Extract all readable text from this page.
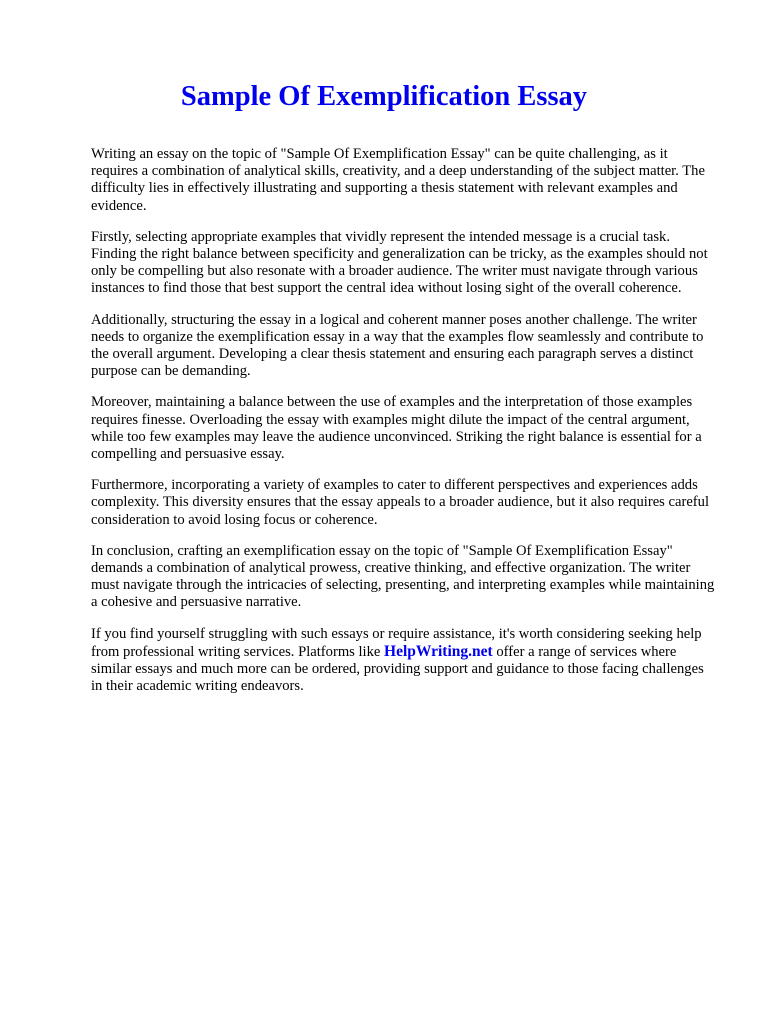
Sample Of Exemplification Essay

Writing an essay on the topic of "Sample Of Exemplification Essay" can be quite challenging, as it requires a combination of analytical skills, creativity, and a deep understanding of the subject matter. The difficulty lies in effectively illustrating and supporting a thesis statement with relevant examples and evidence.

Firstly, selecting appropriate examples that vividly represent the intended message is a crucial task. Finding the right balance between specificity and generalization can be tricky, as the examples should not only be compelling but also resonate with a broader audience. The writer must navigate through various instances to find those that best support the central idea without losing sight of the overall coherence.

Additionally, structuring the essay in a logical and coherent manner poses another challenge. The writer needs to organize the exemplification essay in a way that the examples flow seamlessly and contribute to the overall argument. Developing a clear thesis statement and ensuring each paragraph serves a distinct purpose can be demanding.

Moreover, maintaining a balance between the use of examples and the interpretation of those examples requires finesse. Overloading the essay with examples might dilute the impact of the central argument, while too few examples may leave the audience unconvinced. Striking the right balance is essential for a compelling and persuasive essay.

Furthermore, incorporating a variety of examples to cater to different perspectives and experiences adds complexity. This diversity ensures that the essay appeals to a broader audience, but it also requires careful consideration to avoid losing focus or coherence.

In conclusion, crafting an exemplification essay on the topic of "Sample Of Exemplification Essay" demands a combination of analytical prowess, creative thinking, and effective organization. The writer must navigate through the intricacies of selecting, presenting, and interpreting examples while maintaining a cohesive and persuasive narrative.

If you find yourself struggling with such essays or require assistance, it's worth considering seeking help from professional writing services. Platforms like HelpWriting.net offer a range of services where similar essays and much more can be ordered, providing support and guidance to those facing challenges in their academic writing endeavors.
